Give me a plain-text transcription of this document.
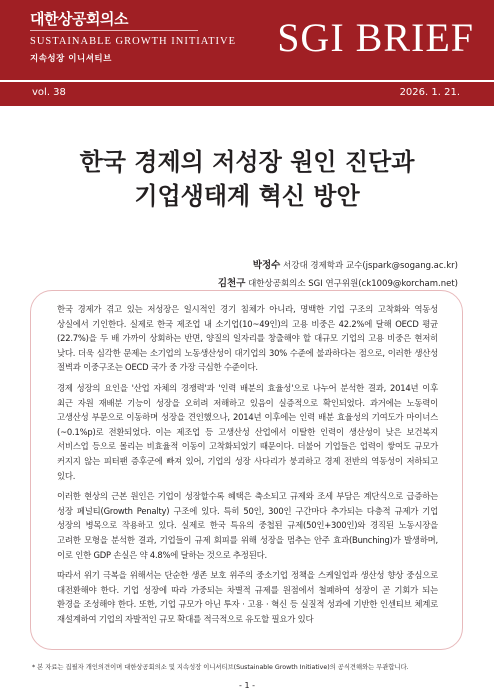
대한상공회의소
SUSTAINABLE GROWTH INITIATIVE
지속성장 이니셔티브	SGI BRIEF
vol. 38	2026. 1. 21.
한국 경제의 저성장 원인 진단과
기업생태계 혁신 방안
박정수 서강대 경제학과 교수(jspark@sogang.ac.kr)
김천구 대한상공회의소 SGI 연구위원(ck1009@korcham.net)

한국 경제가 겪고 있는 저성장은 일시적인 경기 침체가 아니라, 명백한 기업 구조의 고착화와 역동성 상실에서 기인한다. 실제로 한국 제조업 내 소기업(10~49인)의 고용 비중은 42.2%에 달해 OECD 평균(22.7%)을 두 배 가까이 상회하는 반면, 양질의 일자리를 창출해야 할 대규모 기업의 고용 비중은 현저히 낮다. 더욱 심각한 문제는 소기업의 노동생산성이 대기업의 30% 수준에 불과하다는 점으로, 이러한 생산성 절벽과 이중구조는 OECD 국가 중 가장 극심한 수준이다.

경제 성장의 요인을 '산업 자체의 경쟁력'과 '인력 배분의 효율성'으로 나누어 분석한 결과, 2014년 이후 최근 자원 재배분 기능이 성장을 오히려 저해하고 있음이 실증적으로 확인되었다. 과거에는 노동력이 고생산성 부문으로 이동하며 성장을 견인했으나, 2014년 이후에는 인력 배분 효율성의 기여도가 마이너스(~0.1%p)로 전환되었다. 이는 제조업 등 고생산성 산업에서 이탈한 인력이 생산성이 낮은 보건복지 서비스업 등으로 몰리는 비효율적 이동이 고착화되었기 때문이다. 더불어 기업들은 업력이 쌓여도 규모가 커지지 않는 피터팬 증후군에 빠져 있어, 기업의 성장 사다리가 붕괴하고 경제 전반의 역동성이 저하되고 있다.

이러한 현상의 근본 원인은 기업이 성장할수록 혜택은 축소되고 규제와 조세 부담은 계단식으로 급증하는 성장 페널티(Growth Penalty) 구조에 있다. 특히 50인, 300인 구간마다 추가되는 다층적 규제가 기업 성장의 병목으로 작용하고 있다. 실제로 한국 특유의 중첩된 규제(50인+300인)와 경직된 노동시장을 고려한 모형을 분석한 결과, 기업들이 규제 회피를 위해 성장을 멈추는 안주 효과(Bunching)가 발생하며, 이로 인한 GDP 손실은 약 4.8%에 달하는 것으로 추정된다.

따라서 위기 극복을 위해서는 단순한 생존 보호 위주의 중소기업 정책을 스케일업과 생산성 향상 중심으로 대전환해야 한다. 기업 성장에 따라 가중되는 차별적 규제를 원점에서 철폐하여 성장이 곧 기회가 되는 환경을 조성해야 한다. 또한, 기업 규모가 아닌 투자 · 고용 · 혁신 등 실질적 성과에 기반한 인센티브 체계로 재설계하여 기업의 자발적인 규모 확대를 적극적으로 유도할 필요가 있다

* 본 자료는 집필자 개인의견이며 대한상공회의소 및 지속성장 이니셔티브(Sustainable Growth Initiative)의 공식견해와는 무관합니다.
- 1 -
